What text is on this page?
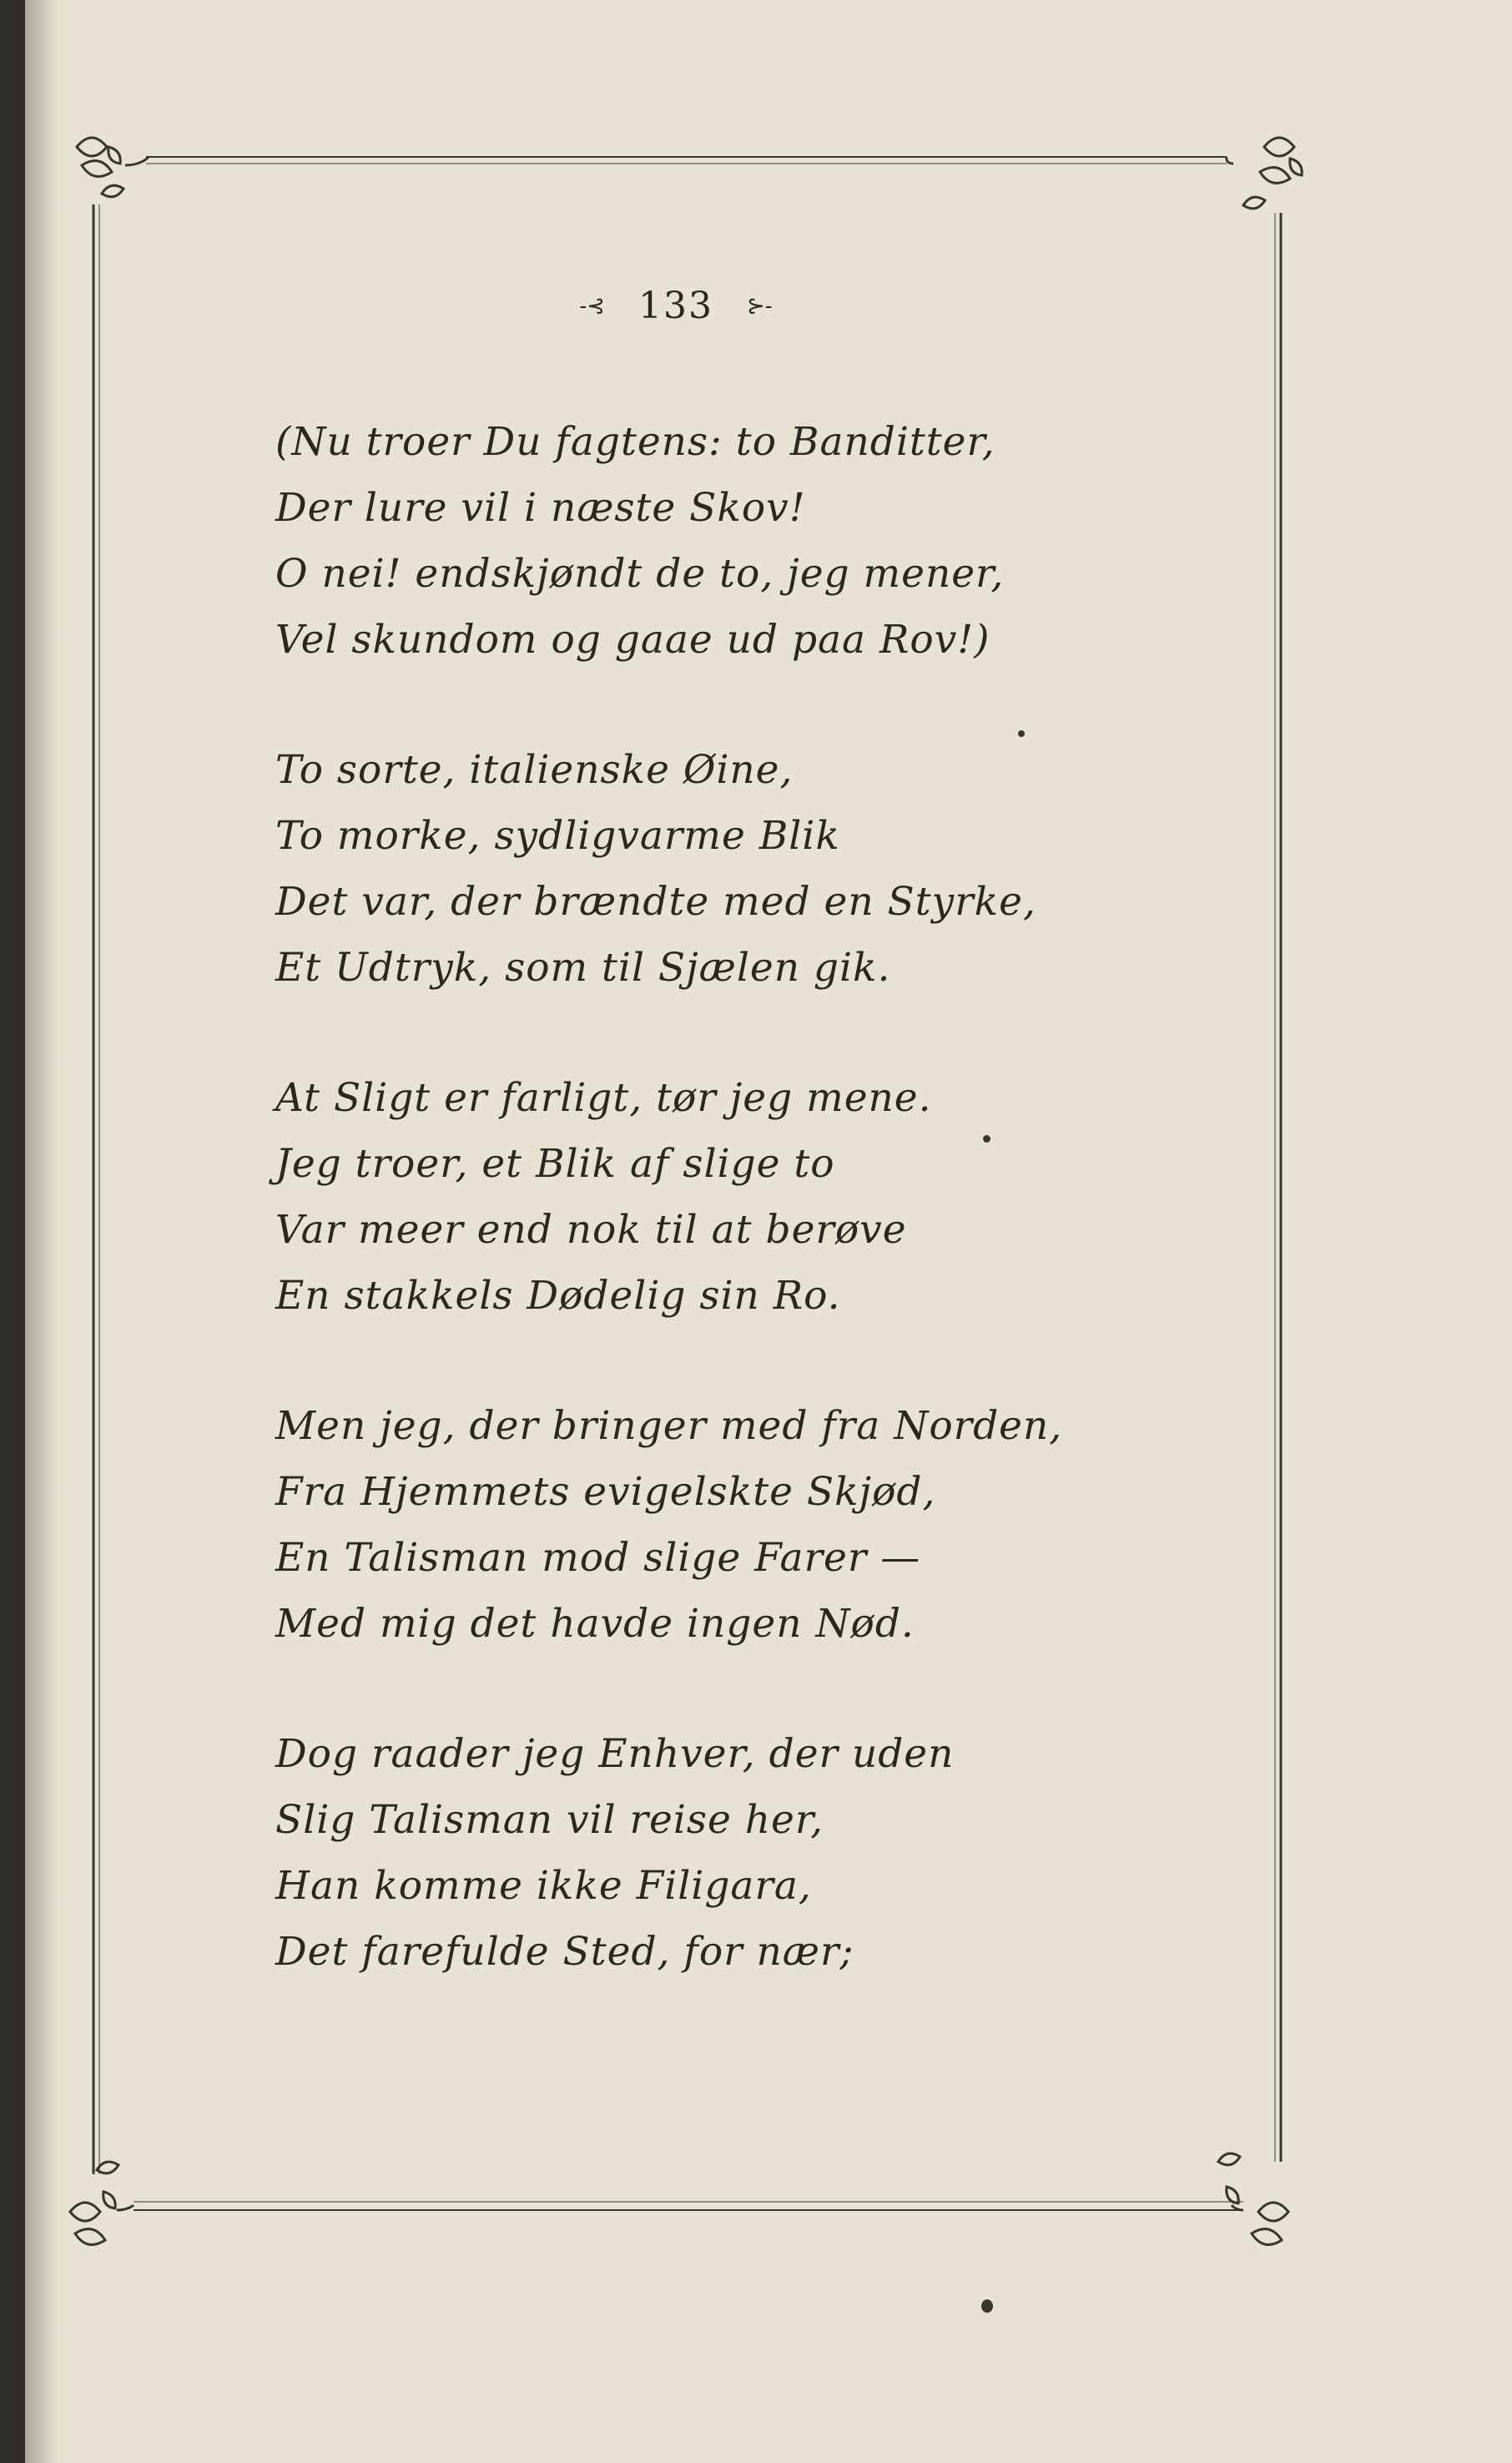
-⊰ 133 ⊱-
(Nu troer Du fagtens: to Banditter,
Der lure vil i næste Skov!
O nei! endskjøndt de to, jeg mener,
Vel skundom og gaae ud paa Rov!)
To sorte, italienske Øine,
To morke, sydligvarme Blik
Det var, der brændte med en Styrke,
Et Udtryk, som til Sjælen gik.
At Sligt er farligt, tør jeg mene.
Jeg troer, et Blik af slige to
Var meer end nok til at berøve
En stakkels Dødelig sin Ro.
Men jeg, der bringer med fra Norden,
Fra Hjemmets evigelskte Skjød,
En Talisman mod slige Farer —
Med mig det havde ingen Nød.
Dog raader jeg Enhver, der uden
Slig Talisman vil reise her,
Han komme ikke Filigara,
Det farefulde Sted, for nær;
